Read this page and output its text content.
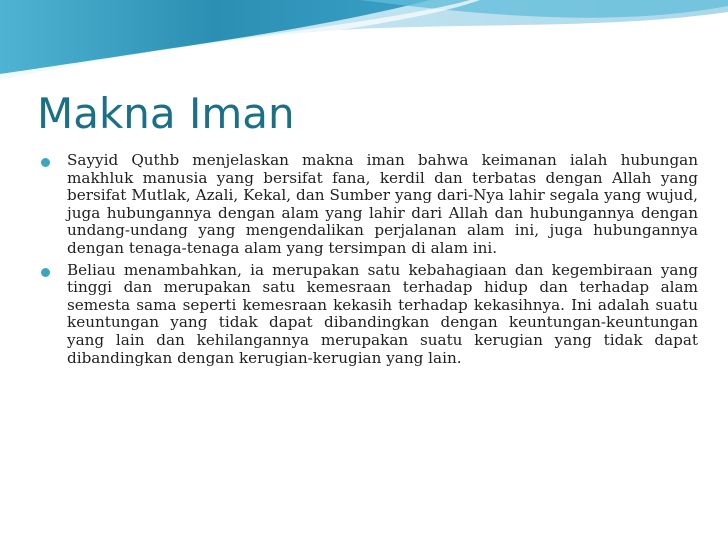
Makna Iman
Sayyid Quthb menjelaskan makna iman bahwa keimanan ialah hubungan makhluk manusia yang bersifat fana, kerdil dan terbatas dengan Allah yang bersifat Mutlak, Azali, Kekal, dan Sumber yang dari-Nya lahir segala yang wujud, juga hubungannya dengan alam yang lahir dari Allah dan hubungannya dengan undang-undang yang mengendalikan perjalanan alam ini, juga hubungannya dengan tenaga-tenaga alam yang tersimpan di alam ini.
Beliau menambahkan, ia merupakan satu kebahagiaan dan kegembiraan yang tinggi dan merupakan satu kemesraan terhadap hidup dan terhadap alam semesta sama seperti kemesraan kekasih terhadap kekasihnya. Ini adalah suatu keuntungan yang tidak dapat dibandingkan dengan keuntungan-keuntungan yang lain dan kehilangannya merupakan suatu kerugian yang tidak dapat dibandingkan dengan kerugian-kerugian yang lain.
